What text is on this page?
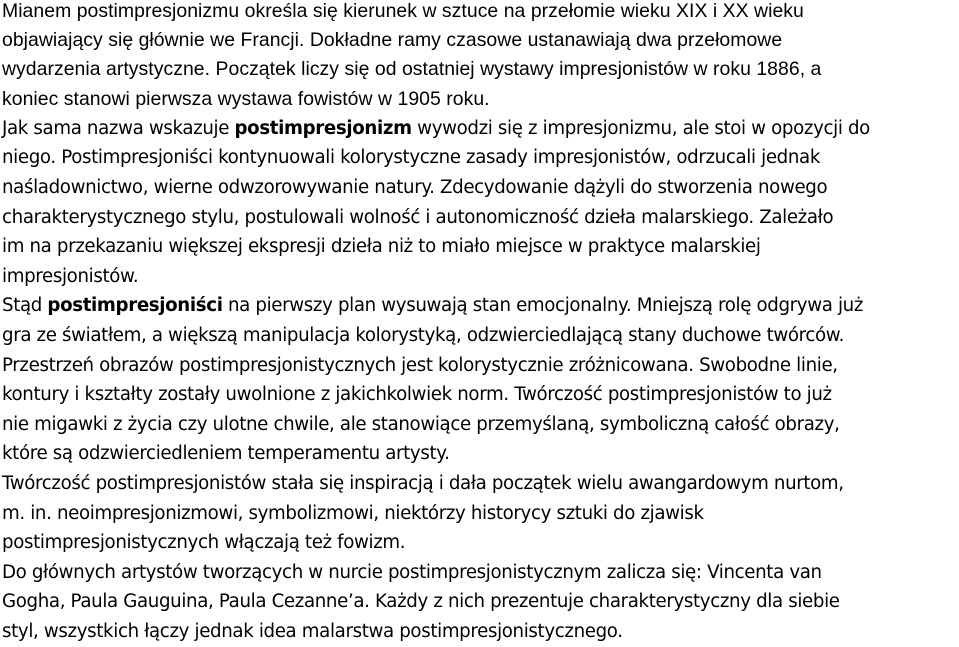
Mianem postimpresjonizmu określa się kierunek w sztuce na przełomie wieku XIX i XX wieku
objawiający się głównie we Francji. Dokładne ramy czasowe ustanawiają dwa przełomowe
wydarzenia artystyczne. Początek liczy się od ostatniej wystawy impresjonistów w roku 1886, a
koniec stanowi pierwsza wystawa fowistów w 1905 roku.
Jak sama nazwa wskazuje postimpresjonizm wywodzi się z impresjonizmu, ale stoi w opozycji do
niego. Postimpresjoniści kontynuowali kolorystyczne zasady impresjonistów, odrzucali jednak
naśladownictwo, wierne odwzorowywanie natury. Zdecydowanie dążyli do stworzenia nowego
charakterystycznego stylu, postulowali wolność i autonomiczność dzieła malarskiego. Zależało
im na przekazaniu większej ekspresji dzieła niż to miało miejsce w praktyce malarskiej
impresjonistów.
Stąd postimpresjoniści na pierwszy plan wysuwają stan emocjonalny. Mniejszą rolę odgrywa już
gra ze światłem, a większą manipulacja kolorystyką, odzwierciedlającą stany duchowe twórców.
Przestrzeń obrazów postimpresjonistycznych jest kolorystycznie zróżnicowana. Swobodne linie,
kontury i kształty zostały uwolnione z jakichkolwiek norm. Twórczość postimpresjonistów to już
nie migawki z życia czy ulotne chwile, ale stanowiące przemyślaną, symboliczną całość obrazy,
które są odzwierciedleniem temperamentu artysty.
Twórczość postimpresjonistów stała się inspiracją i dała początek wielu awangardowym nurtom,
m. in. neoimpresjonizmowi, symbolizmowi, niektórzy historycy sztuki do zjawisk
postimpresjonistycznych włączają też fowizm.
Do głównych artystów tworzących w nurcie postimpresjonistycznym zalicza się: Vincenta van
Gogha, Paula Gauguina, Paula Cezanne’a. Każdy z nich prezentuje charakterystyczny dla siebie
styl, wszystkich łączy jednak idea malarstwa postimpresjonistycznego.
